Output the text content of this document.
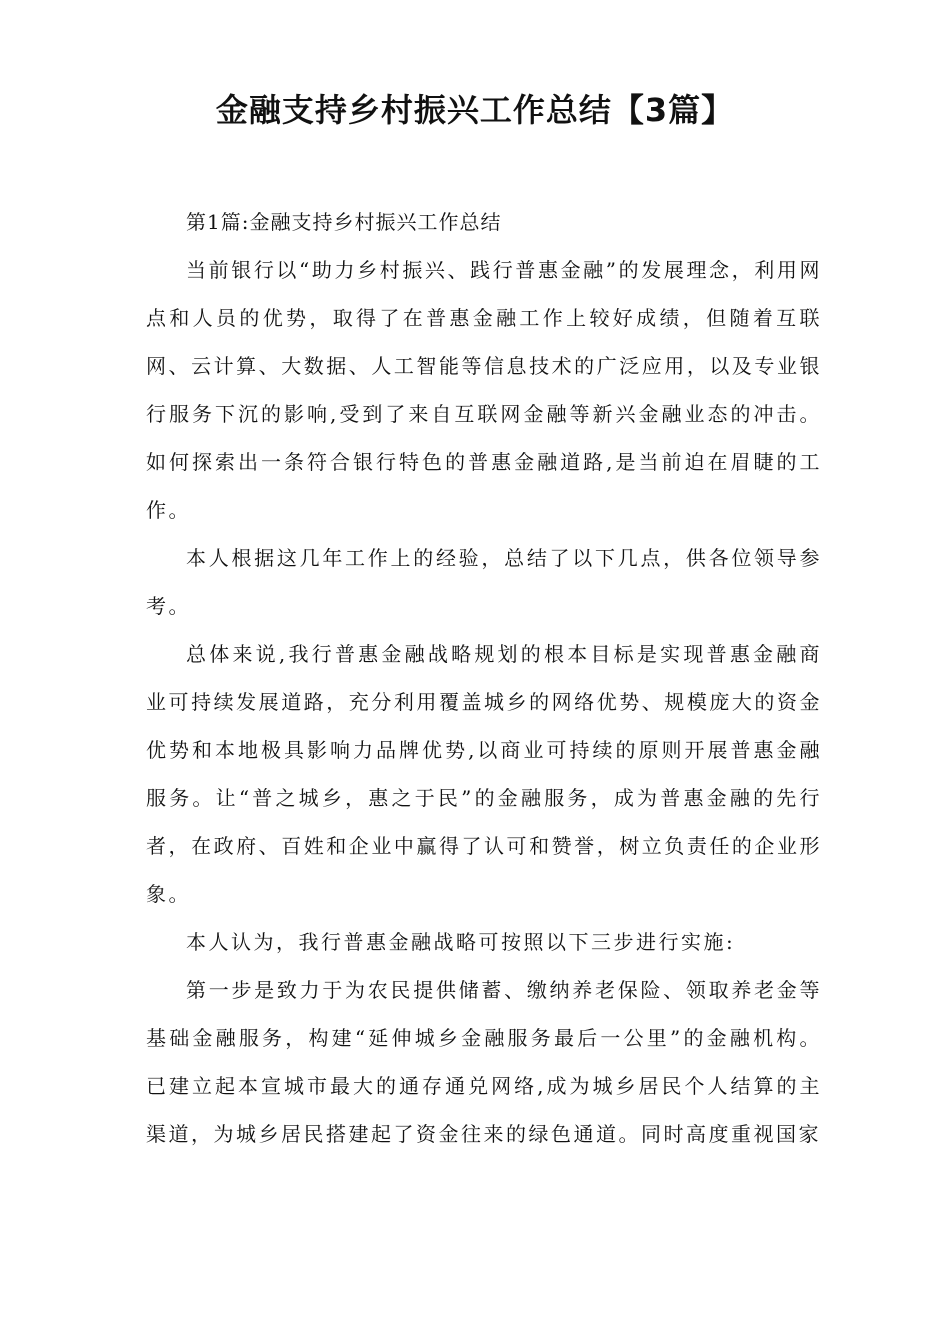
金融支持乡村振兴工作总结【3篇】

第1篇:金融支持乡村振兴工作总结

当前银行以“助力乡村振兴、践行普惠金融”的发展理念，利用网点和人员的优势，取得了在普惠金融工作上较好成绩，但随着互联网、云计算、大数据、人工智能等信息技术的广泛应用，以及专业银行服务下沉的影响,受到了来自互联网金融等新兴金融业态的冲击。如何探索出一条符合银行特色的普惠金融道路,是当前迫在眉睫的工作。

本人根据这几年工作上的经验，总结了以下几点，供各位领导参考。

总体来说,我行普惠金融战略规划的根本目标是实现普惠金融商业可持续发展道路，充分利用覆盖城乡的网络优势、规模庞大的资金优势和本地极具影响力品牌优势,以商业可持续的原则开展普惠金融服务。让“普之城乡，惠之于民”的金融服务，成为普惠金融的先行者，在政府、百姓和企业中赢得了认可和赞誉，树立负责任的企业形象。

本人认为，我行普惠金融战略可按照以下三步进行实施:

第一步是致力于为农民提供储蓄、缴纳养老保险、领取养老金等基础金融服务，构建“延伸城乡金融服务最后一公里”的金融机构。已建立起本宣城市最大的通存通兑网络,成为城乡居民个人结算的主渠道，为城乡居民搭建起了资金往来的绿色通道。同时高度重视国家
